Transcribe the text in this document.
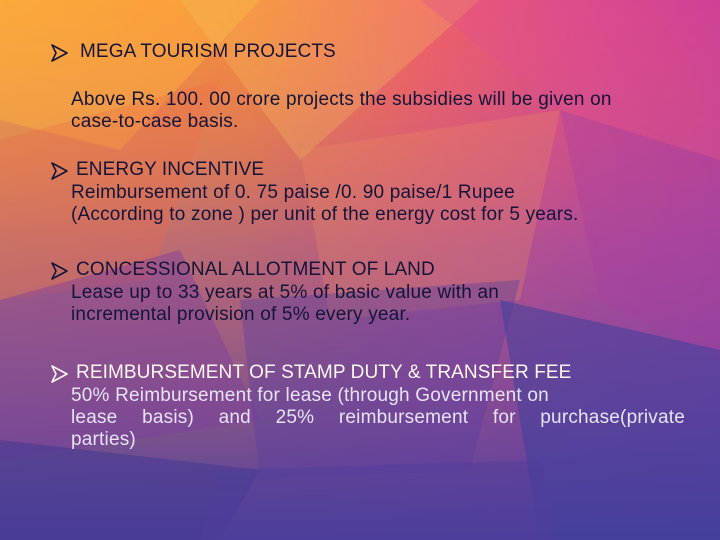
MEGA TOURISM PROJECTS
Above Rs. 100. 00 crore projects the subsidies will be given on
case-to-case basis.
ENERGY INCENTIVE
Reimbursement of 0. 75 paise /0. 90 paise/1 Rupee
(According to zone ) per unit of the energy cost for 5 years.
CONCESSIONAL ALLOTMENT OF LAND
Lease up to 33 years at 5% of basic value with an
incremental provision of 5% every year.
REIMBURSEMENT OF STAMP DUTY & TRANSFER FEE
50% Reimbursement for lease (through Government on
lease basis) and 25% reimbursement for purchase(private
parties)
